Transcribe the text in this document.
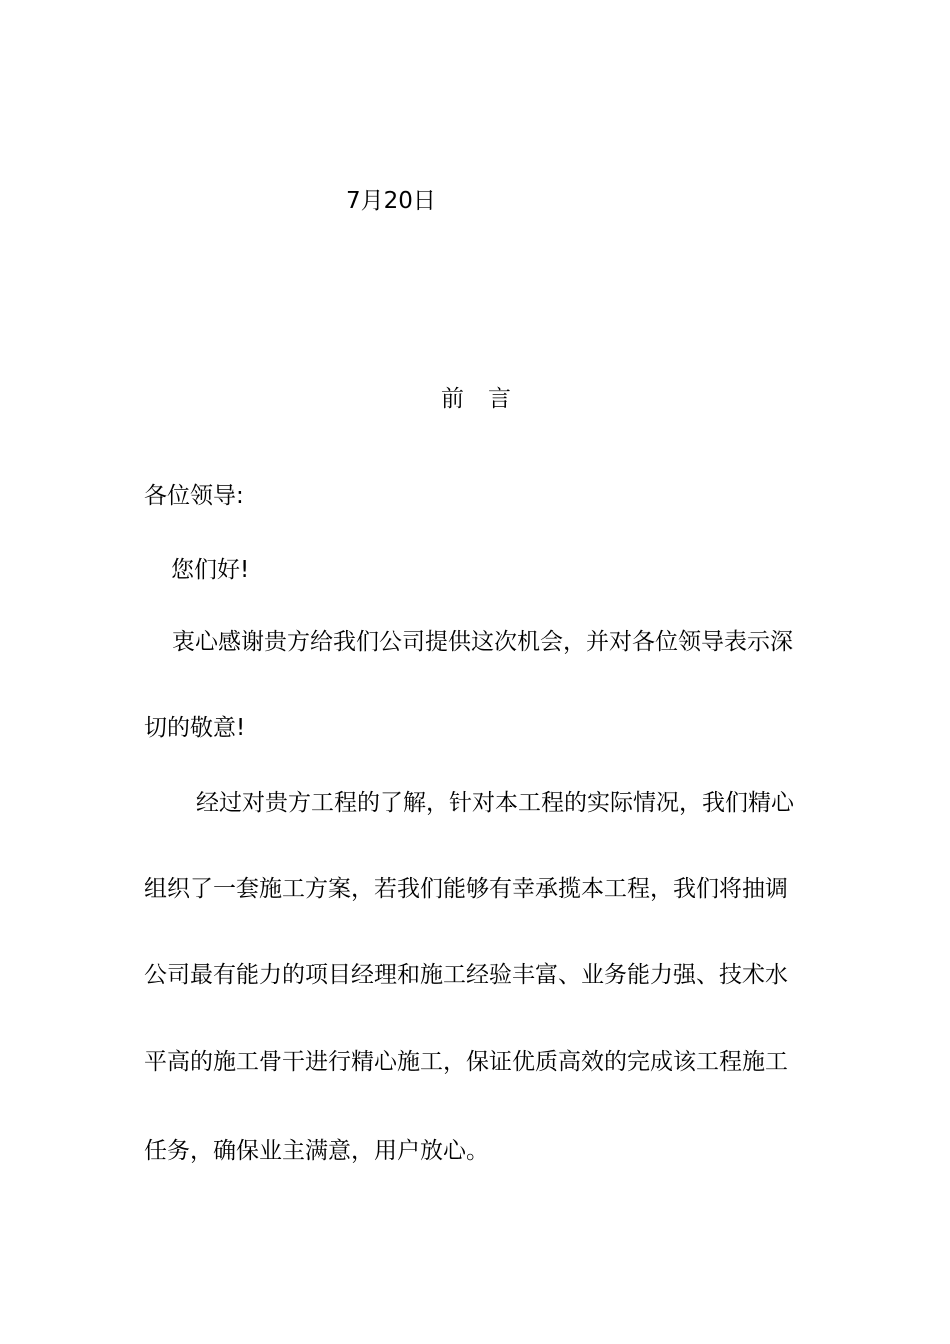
7月20日
前 言
各位领导:
您们好!
衷心感谢贵方给我们公司提供这次机会，并对各位领导表示深
切的敬意!
经过对贵方工程的了解，针对本工程的实际情况，我们精心
组织了一套施工方案，若我们能够有幸承揽本工程，我们将抽调
公司最有能力的项目经理和施工经验丰富、业务能力强、技术水
平高的施工骨干进行精心施工，保证优质高效的完成该工程施工
任务，确保业主满意，用户放心。
